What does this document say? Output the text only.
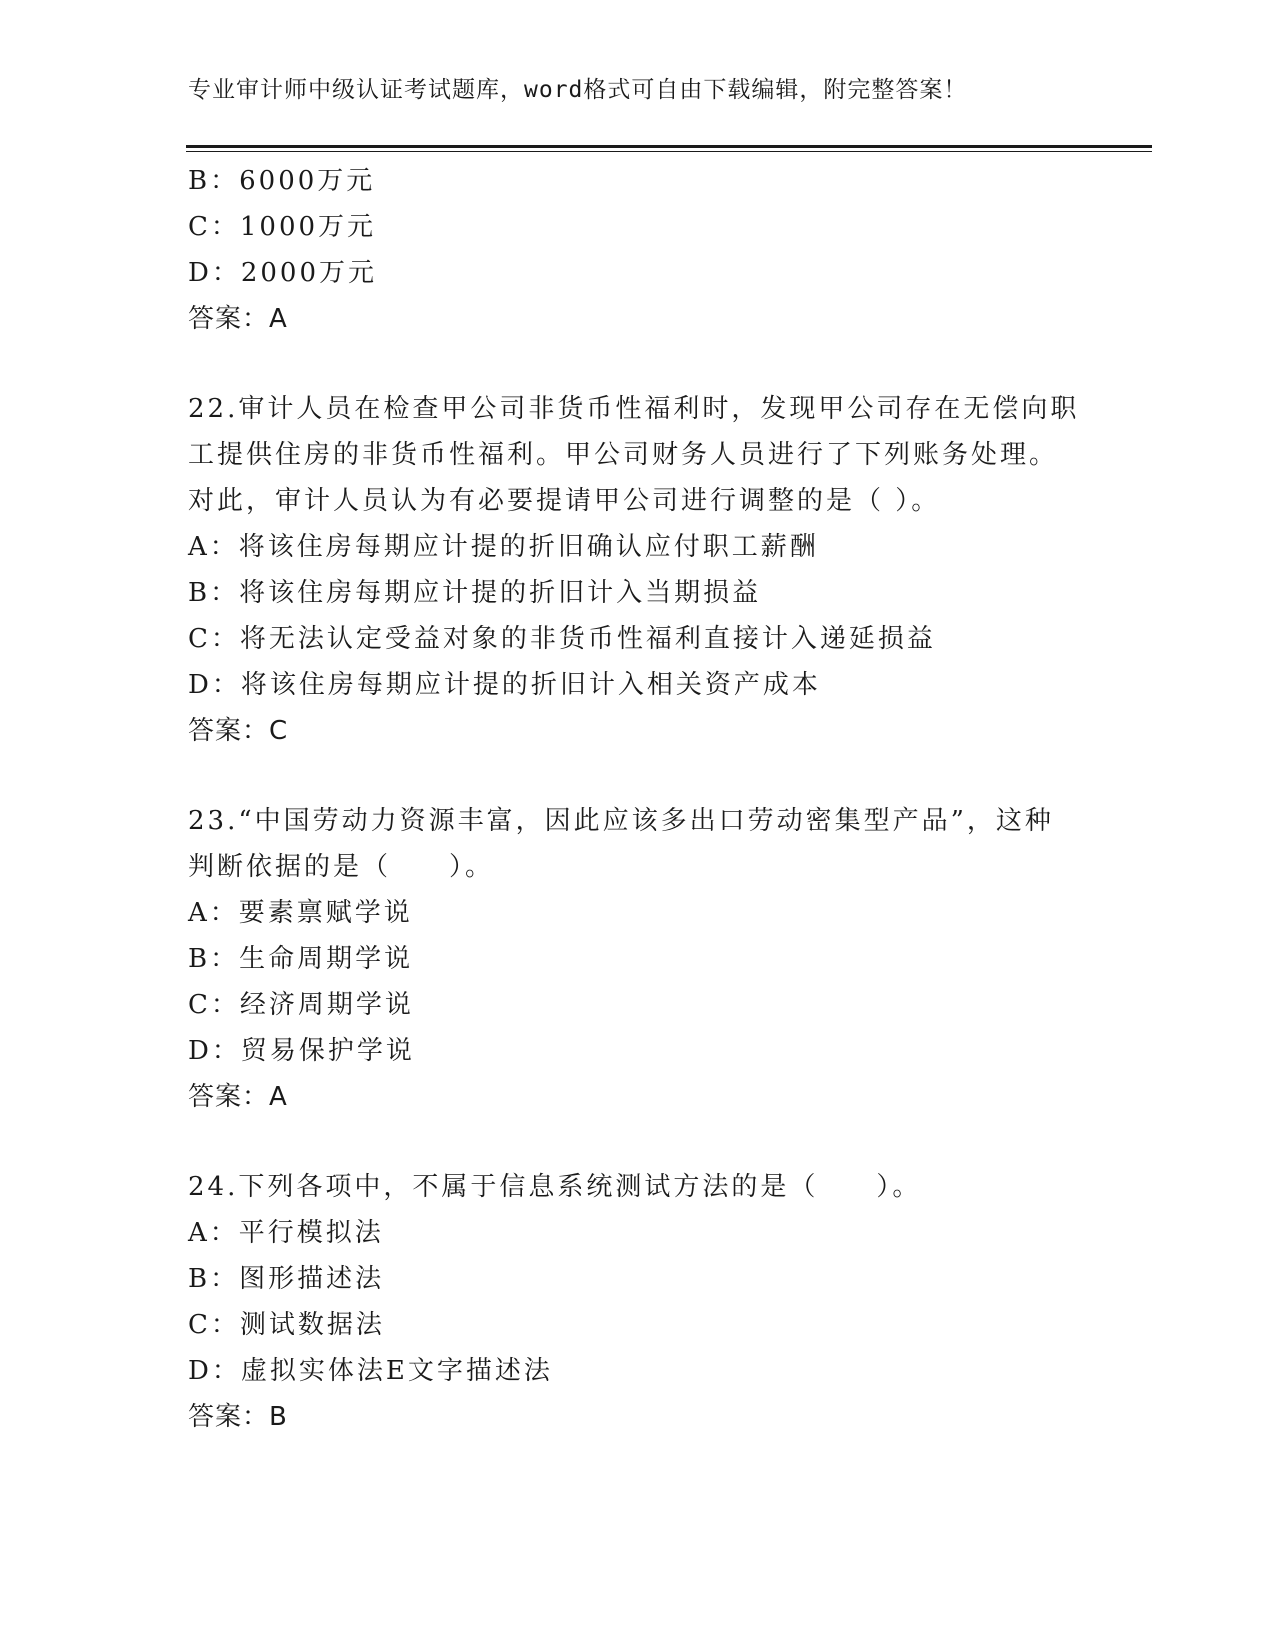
专业审计师中级认证考试题库，word格式可自由下载编辑，附完整答案！
B：6000万元
C：1000万元
D：2000万元
答案：A
22.审计人员在检查甲公司非货币性福利时，发现甲公司存在无偿向职
工提供住房的非货币性福利。甲公司财务人员进行了下列账务处理。
对此，审计人员认为有必要提请甲公司进行调整的是（ ）。
A：将该住房每期应计提的折旧确认应付职工薪酬
B：将该住房每期应计提的折旧计入当期损益
C：将无法认定受益对象的非货币性福利直接计入递延损益
D：将该住房每期应计提的折旧计入相关资产成本
答案：C
23.“中国劳动力资源丰富，因此应该多出口劳动密集型产品”，这种
判断依据的是（　　）。
A：要素禀赋学说
B：生命周期学说
C：经济周期学说
D：贸易保护学说
答案：A
24.下列各项中，不属于信息系统测试方法的是（　　）。
A：平行模拟法
B：图形描述法
C：测试数据法
D：虚拟实体法E文字描述法
答案：B
